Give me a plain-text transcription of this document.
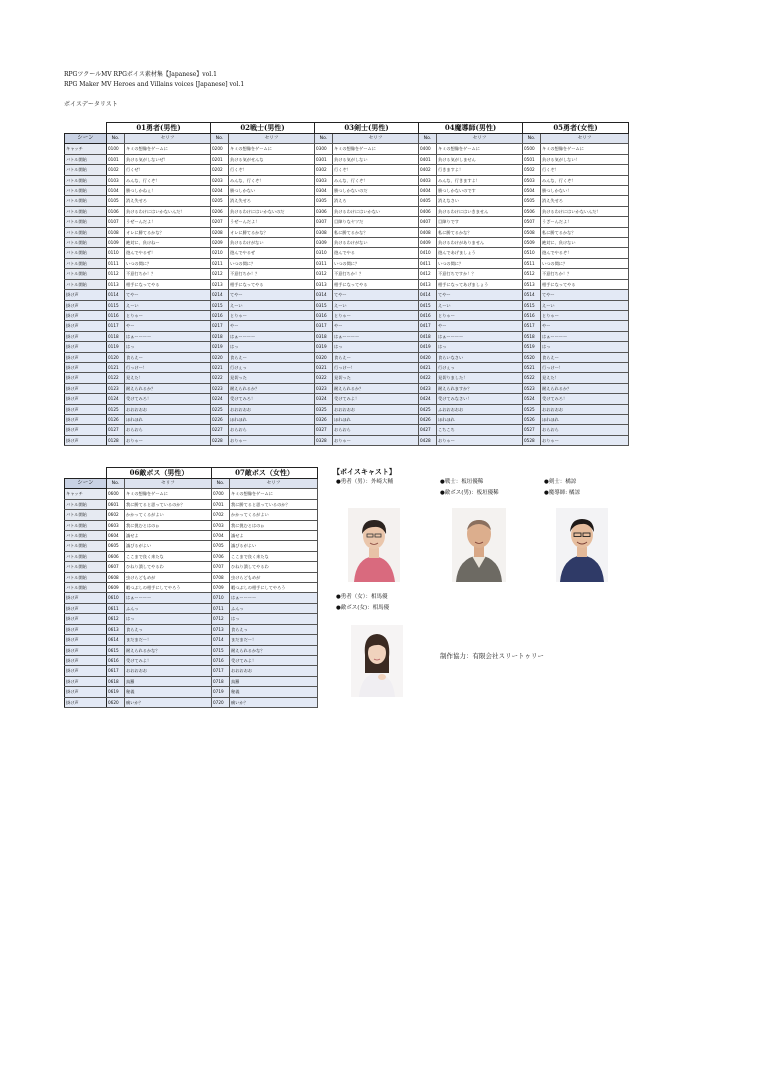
RPGツクールMV RPGボイス素材集【Japanese】vol.1
RPG Maker MV Heroes and Villains voices [Japanese] vol.1
ボイスデータリスト
	01勇者(男性)		02戦士(男性)		03剣士(男性)		04魔導師(男性)		05勇者(女性)	
シーン	No.	セリフ	No.	セリフ	No.	セリフ	No.	セリフ	No.	セリフ
キャッチ	0100	キミの想像をゲームに	0200	キミの想像をゲームに	0300	キミの想像をゲームに	0400	キミの想像をゲームに	0500	キミの想像をゲームに
バトル開始	0101	負ける気がしないぜ！	0201	負ける気がせんな	0301	負ける気がしない	0401	負ける気がしません	0501	負ける気がしない！
バトル開始	0102	行くぜ！	0202	行くぞ！	0302	行くぞ！	0402	行きますよ！	0502	行くぞ！
バトル開始	0103	みんな、行くぞ！	0203	みんな、行くぞ！	0303	みんな、行くぞ！	0403	みんな、行きますよ！	0503	みんな、行くぞ！
バトル開始	0104	勝つしかねぇ！	0204	勝つしかない	0304	勝つしかないのだ	0404	勝つしかないのです	0504	勝つしかない！
バトル開始	0105	消え失せろ	0205	消え失せろ	0305	消えろ	0405	消えなさい	0505	消え失せろ
バトル開始	0106	負けるわけにはいかないんだ！	0206	負けるわけにはいかないのだ	0306	負けるわけにはいかない	0406	負けるわけにはいきません	0506	負けるわけにはいかないんだ！
バトル開始	0107	うぜーんだよ！	0207	うぜーんだよ！	0307	目障りなヤツだ	0407	目障りです	0507	うざーんだよ！
バトル開始	0108	オレに勝てるかな？	0208	オレに勝てるかな？	0308	私に勝てるかな？	0408	私に勝てるかな？	0508	私に勝てるかな？
バトル開始	0109	絶対に、負けねー	0209	負けるわけがない	0309	負けるわけがない	0409	負けるわけがありません	0509	絶対に、負けない
バトル開始	0110	遊んでやるぜ！	0210	遊んでやるぜ	0310	遊んでやる	0410	遊んであげましょう	0510	遊んでやるぞ！
バトル開始	0111	いつの間に？	0211	いつの間に？	0311	いつの間に？	0411	いつの間に？	0511	いつの間に？
バトル開始	0112	不意打ちか！？	0212	不意打ちか！？	0312	不意打ちか！？	0412	不意打ちですか！？	0512	不意打ちか！？
バトル開始	0113	相手になってやる	0213	相手になってやる	0313	相手になってやる	0413	相手になってあげましょう	0513	相手になってやる
掛け声	0114	てやー	0214	てやー	0314	てやー	0414	てやー	0514	てやー
掛け声	0115	えーい	0215	えーい	0315	えーい	0415	えーい	0515	えーい
掛け声	0116	とりゃー	0216	とりゃー	0316	とりゃー	0416	とりゃー	0516	とりゃー
掛け声	0117	やー	0217	やー	0317	やー	0417	やー	0517	やー
掛け声	0118	はぁーーーー	0218	はぁーーーー	0318	はぁーーーー	0418	はぁーーーー	0518	はぁーーーー
掛け声	0119	はっ	0219	はっ	0319	はっ	0419	はっ	0519	はっ
掛け声	0120	食らえー	0220	食らえー	0320	食らえー	0420	食らいなさい	0520	食らえー
掛け声	0121	行っけー！	0221	行けぇっ	0321	行っけー！	0421	行けぇっ	0521	行っけー！
掛け声	0122	見えた！	0222	見切った	0322	見切った	0422	見切りました！	0522	見えた！
掛け声	0123	耐えられるか？	0223	耐えられるか？	0323	耐えられるか？	0423	耐えられますか？	0523	耐えられるか？
掛け声	0124	受けてみろ！	0224	受けてみろ！	0324	受けてみよ！	0424	受けてみなさい！	0524	受けてみろ！
掛け声	0125	おおおおお	0225	おおおおお	0325	おおおおお	0425	ふおおおおお	0525	おおおおお
掛け声	0126	ほれほれ	0226	ほれほれ	0326	ほれほれ	0426	ほれほれ	0526	ほれほれ
掛け声	0127	おらおら	0227	おらおら	0327	おらおら	0427	こちこち	0527	おらおら
掛け声	0128	おりゃー	0228	おりゃー	0328	おりゃー	0428	おりゃー	0528	おりゃー
	06敵ボス（男性）		07敵ボス（女性）	
シーン	No.	セリフ	No.	セリフ
キャッチ	0600	キミの想像をゲームに	0700	キミの想像をゲームに
バトル開始	0601	我に勝てると思っているのか？	0701	我に勝てると思っているのか？
バトル開始	0602	かかってくるがよい	0702	かかってくるがよい
バトル開始	0603	我に挑むとはのぉ	0703	我に挑むとはのぉ
バトル開始	0604	滅せよ	0704	滅せよ
バトル開始	0605	滅びるがよい	0705	滅びるがよい
バトル開始	0606	ここまで良く来たな	0706	ここまで良く来たな
バトル開始	0607	ひねり潰してやるわ	0707	ひねり潰してやるわ
バトル開始	0608	虫けらどもめが	0708	虫けらどもめが
バトル開始	0609	暇つぶしの相手にしてやろう	0709	暇つぶしの相手にしてやろう
掛け声	0610	はぁーーーー	0710	はぁーーーー
掛け声	0611	ふんっ	0711	ふんっ
掛け声	0612	はっ	0712	はっ
掛け声	0613	食らえっ	0713	食らえっ
掛け声	0614	まだまだー！	0714	まだまだー！
掛け声	0615	耐えられるかな？	0715	耐えられるかな？
掛け声	0616	受けてみよ！	0716	受けてみよ！
掛け声	0617	おおおおお	0717	おおおおお
掛け声	0618	鳥羅	0718	鳥羅
掛け声	0619	秘義	0719	秘義
掛け声	0620	痛いか？	0720	痛いか？
【ボイスキャスト】
●勇者（男）：外崎大輔	●戦士：板垣優稀
●敵ボス(男)：板垣優稀
●剣士：橘諒
●魔導師: 橘諒
●勇者（女）：相馬優
●敵ボス(女)：相馬優
制作協力：有限会社スリートゥリー
